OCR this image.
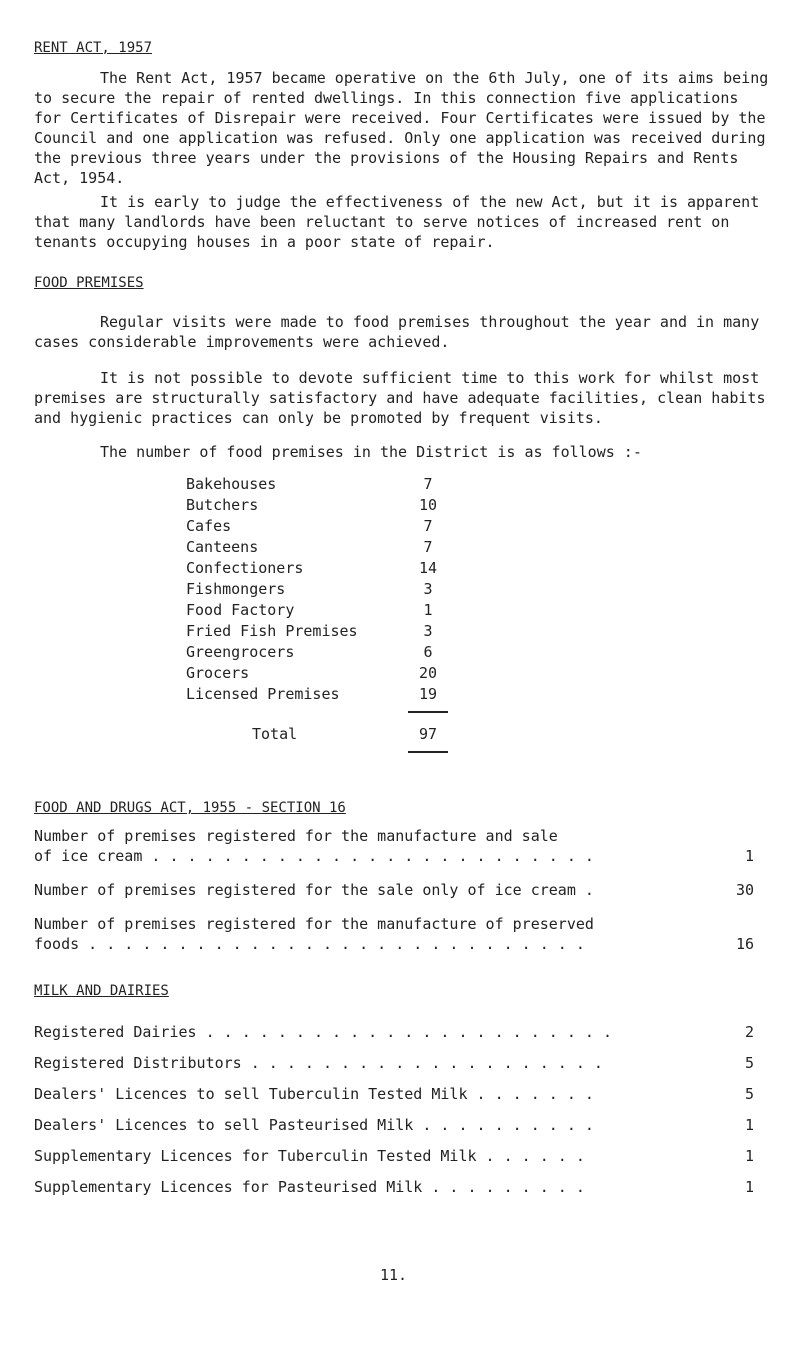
RENT ACT, 1957

The Rent Act, 1957 became operative on the 6th July, one of its aims being to secure the repair of rented dwellings. In this connection five applications for Certificates of Disrepair were received. Four Certificates were issued by the Council and one application was refused. Only one application was received during the previous three years under the provisions of the Housing Repairs and Rents Act, 1954.

It is early to judge the effectiveness of the new Act, but it is apparent that many landlords have been reluctant to serve notices of increased rent on tenants occupying houses in a poor state of repair.

FOOD PREMISES

Regular visits were made to food premises throughout the year and in many cases considerable improvements were achieved.

It is not possible to devote sufficient time to this work for whilst most premises are structurally satisfactory and have adequate facilities, clean habits and hygienic practices can only be promoted by frequent visits.

The number of food premises in the District is as follows :-

Bakehouses	7
Butchers	10
Cafes	7
Canteens	7
Confectioners	14
Fishmongers	3
Food Factory	1
Fried Fish Premises	3
Greengrocers	6
Grocers	20
Licensed Premises	19
Total	97
FOOD AND DRUGS ACT, 1955 - SECTION 16
Number of premises registered for the manufacture and sale
of ice cream . . . . . . . . . . . . . . . . . . . . . . . . .	1
Number of premises registered for the sale only of ice cream .	30
Number of premises registered for the manufacture of preserved
foods . . . . . . . . . . . . . . . . . . . . . . . . . . . .	16
MILK AND DAIRIES
Registered Dairies . . . . . . . . . . . . . . . . . . . . . . .	2
Registered Distributors . . . . . . . . . . . . . . . . . . . .	5
Dealers' Licences to sell Tuberculin Tested Milk . . . . . . .	5
Dealers' Licences to sell Pasteurised Milk . . . . . . . . . .	1
Supplementary Licences for Tuberculin Tested Milk . . . . . .	1
Supplementary Licences for Pasteurised Milk . . . . . . . . .	1
11.
